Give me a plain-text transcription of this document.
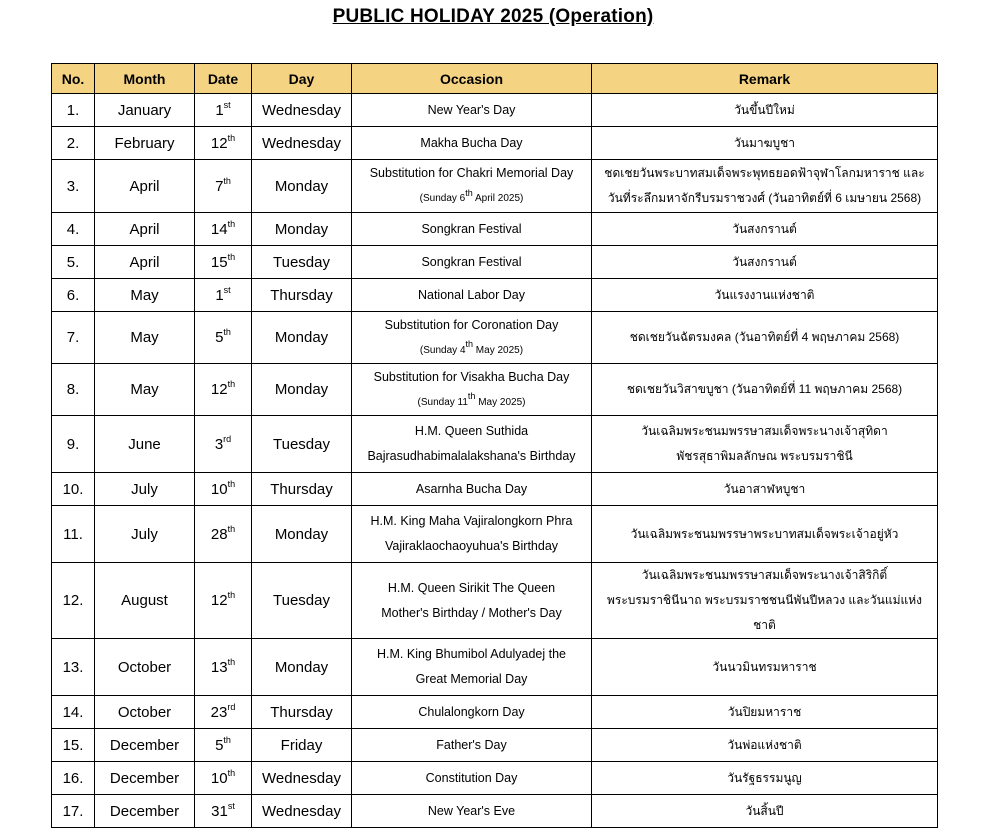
PUBLIC HOLIDAY 2025 (Operation)
No.	Month	Date	Day	Occasion	Remark
1.	January	1st	Wednesday	New Year's Day	วันขึ้นปีใหม่

2.	February	12th	Wednesday	Makha Bucha Day	วันมาฆบูชา

3.	April	7th	Monday	Substitution for Chakri Memorial Day
(Sunday 6th April 2025)	ชดเชยวันพระบาทสมเด็จพระพุทธยอดฟ้าจุฬาโลกมหาราช และ
วันที่ระลึกมหาจักรีบรมราชวงศ์ (วันอาทิตย์ที่ 6 เมษายน 2568)

4.	April	14th	Monday	Songkran Festival	วันสงกรานต์

5.	April	15th	Tuesday	Songkran Festival	วันสงกรานต์

6.	May	1st	Thursday	National Labor Day	วันแรงงานแห่งชาติ

7.	May	5th	Monday	Substitution for Coronation Day
(Sunday 4th May 2025)	ชดเชยวันฉัตรมงคล (วันอาทิตย์ที่ 4 พฤษภาคม 2568)

8.	May	12th	Monday	Substitution for Visakha Bucha Day
(Sunday 11th May 2025)	ชดเชยวันวิสาขบูชา (วันอาทิตย์ที่ 11 พฤษภาคม 2568)

9.	June	3rd	Tuesday	H.M. Queen Suthida
Bajrasudhabimalalakshana's Birthday	วันเฉลิมพระชนมพรรษาสมเด็จพระนางเจ้าสุทิดา
พัชรสุธาพิมลลักษณ พระบรมราชินี

10.	July	10th	Thursday	Asarnha Bucha Day	วันอาสาฬหบูชา

11.	July	28th	Monday	H.M. King Maha Vajiralongkorn Phra
Vajiraklaochaoyuhua's Birthday	วันเฉลิมพระชนมพรรษาพระบาทสมเด็จพระเจ้าอยู่หัว

12.	August	12th	Tuesday	H.M. Queen Sirikit The Queen
Mother's Birthday / Mother's Day	วันเฉลิมพระชนมพรรษาสมเด็จพระนางเจ้าสิริกิติ์
พระบรมราชินีนาถ พระบรมราชชนนีพันปีหลวง และวันแม่แห่งชาติ

13.	October	13th	Monday	H.M. King Bhumibol Adulyadej the
Great Memorial Day	วันนวมินทรมหาราช

14.	October	23rd	Thursday	Chulalongkorn Day	วันปิยมหาราช

15.	December	5th	Friday	Father's Day	วันพ่อแห่งชาติ

16.	December	10th	Wednesday	Constitution Day	วันรัฐธรรมนูญ

17.	December	31st	Wednesday	New Year's Eve	วันสิ้นปี
